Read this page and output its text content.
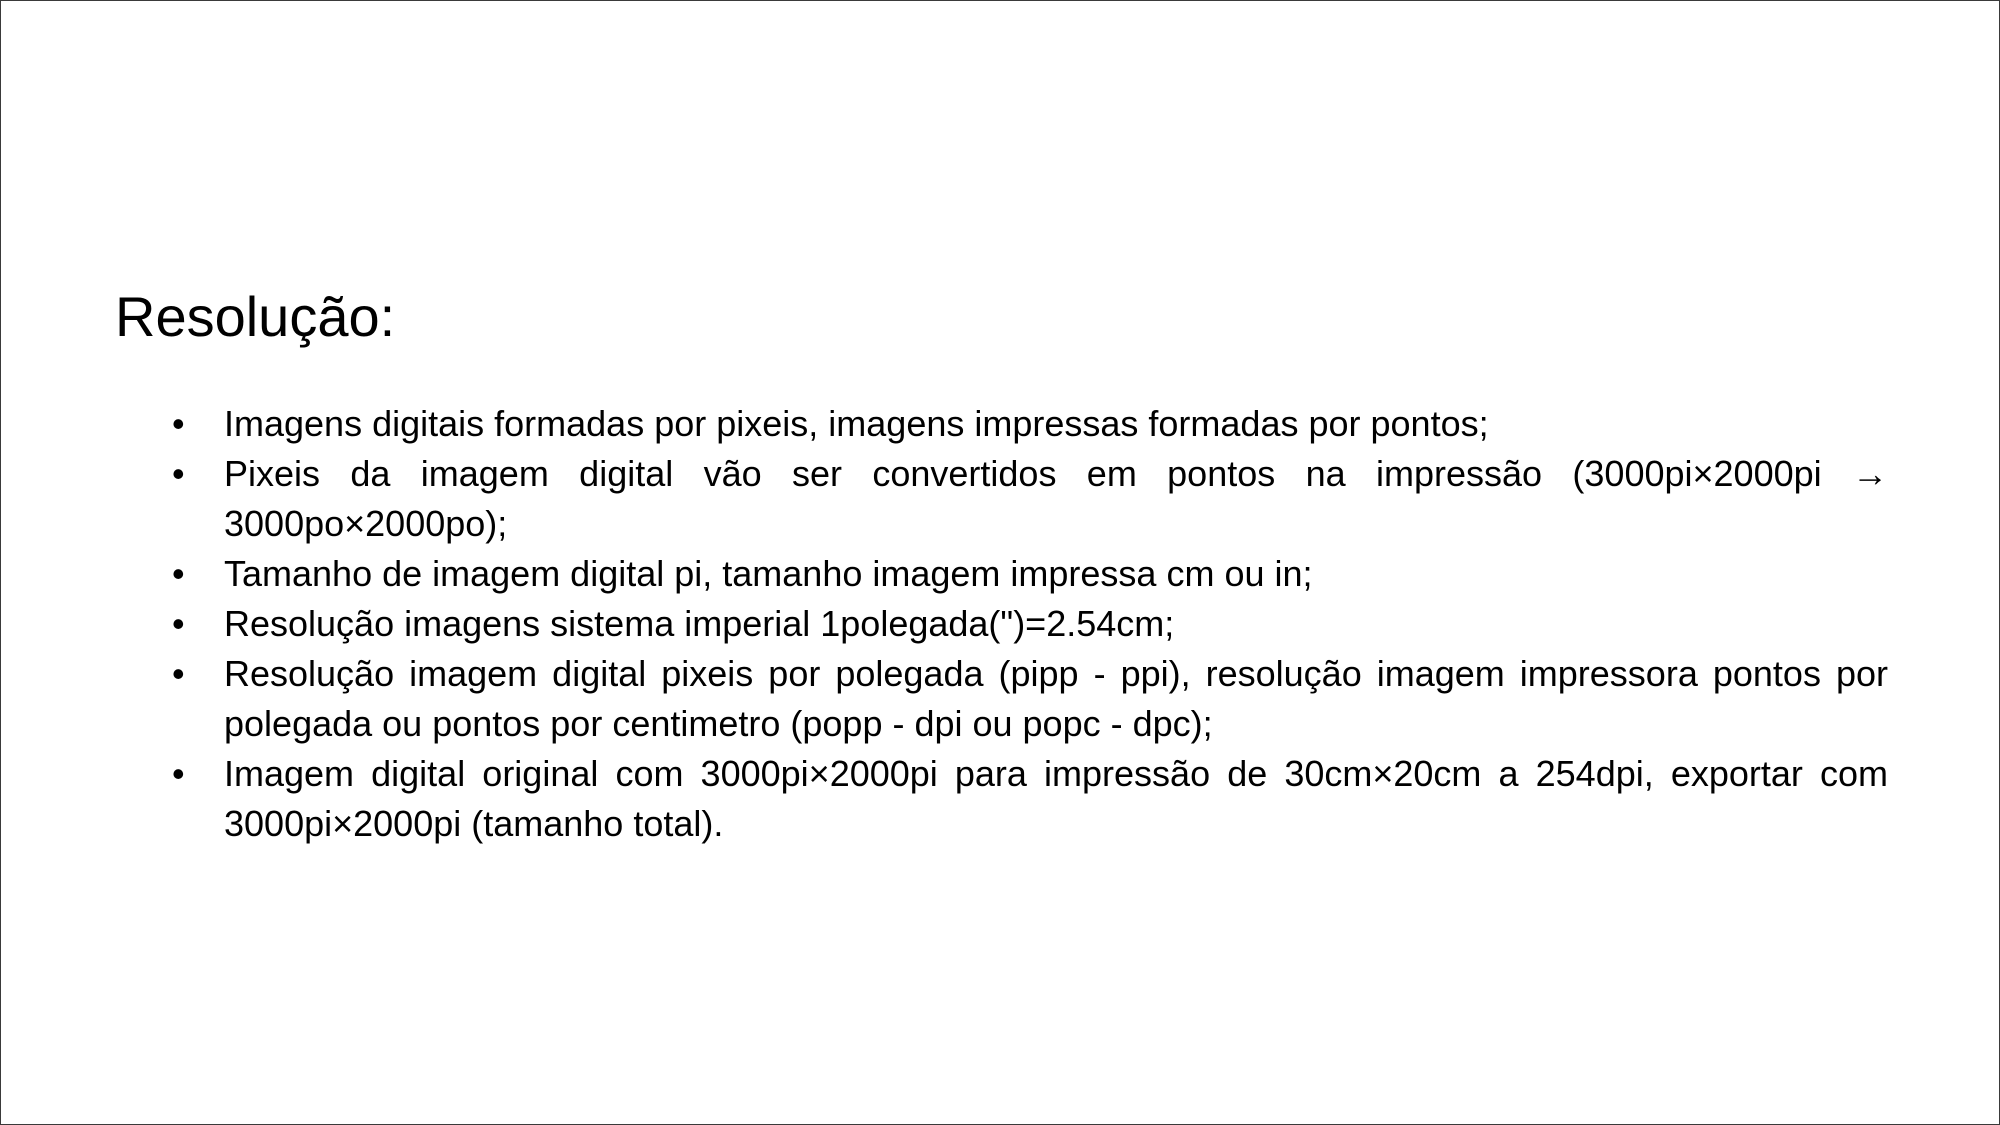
Resolução:
•	Imagens digitais formadas por pixeis, imagens impressas formadas por pontos;
•	Pixeis da imagem digital vão ser convertidos em pontos na impressão (3000pi×2000pi → 3000po×2000po);
•	Tamanho de imagem digital pi, tamanho imagem impressa cm ou in;
•	Resolução imagens sistema imperial 1polegada(")=2.54cm;
•	Resolução imagem digital pixeis por polegada (pipp - ppi), resolução imagem impressora pontos por polegada ou pontos por centimetro (popp - dpi ou popc - dpc);
•	Imagem digital original com 3000pi×2000pi para impressão de 30cm×20cm a 254dpi, exportar com 3000pi×2000pi (tamanho total).
